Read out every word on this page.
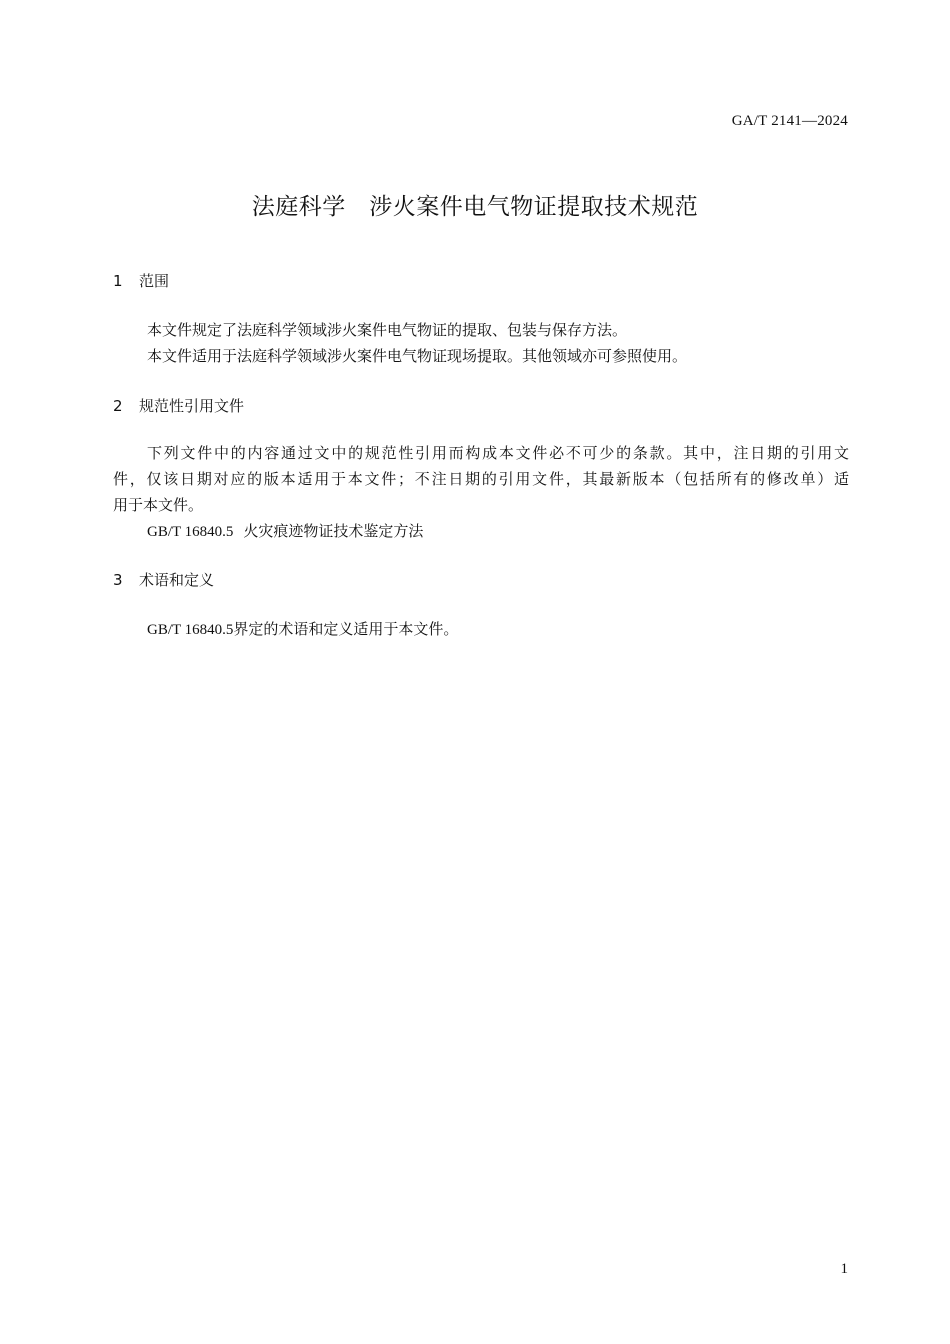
GA/T 2141—2024
法庭科学　涉火案件电气物证提取技术规范
1	范围
本文件规定了法庭科学领域涉火案件电气物证的提取、包装与保存方法。
本文件适用于法庭科学领域涉火案件电气物证现场提取。其他领域亦可参照使用。
2	规范性引用文件
下列文件中的内容通过文中的规范性引用而构成本文件必不可少的条款。其中，注日期的引用文
件，仅该日期对应的版本适用于本文件；不注日期的引用文件，其最新版本（包括所有的修改单）适
用于本文件。
GB/T 16840.5 火灾痕迹物证技术鉴定方法
3	术语和定义
GB/T 16840.5界定的术语和定义适用于本文件。
1
